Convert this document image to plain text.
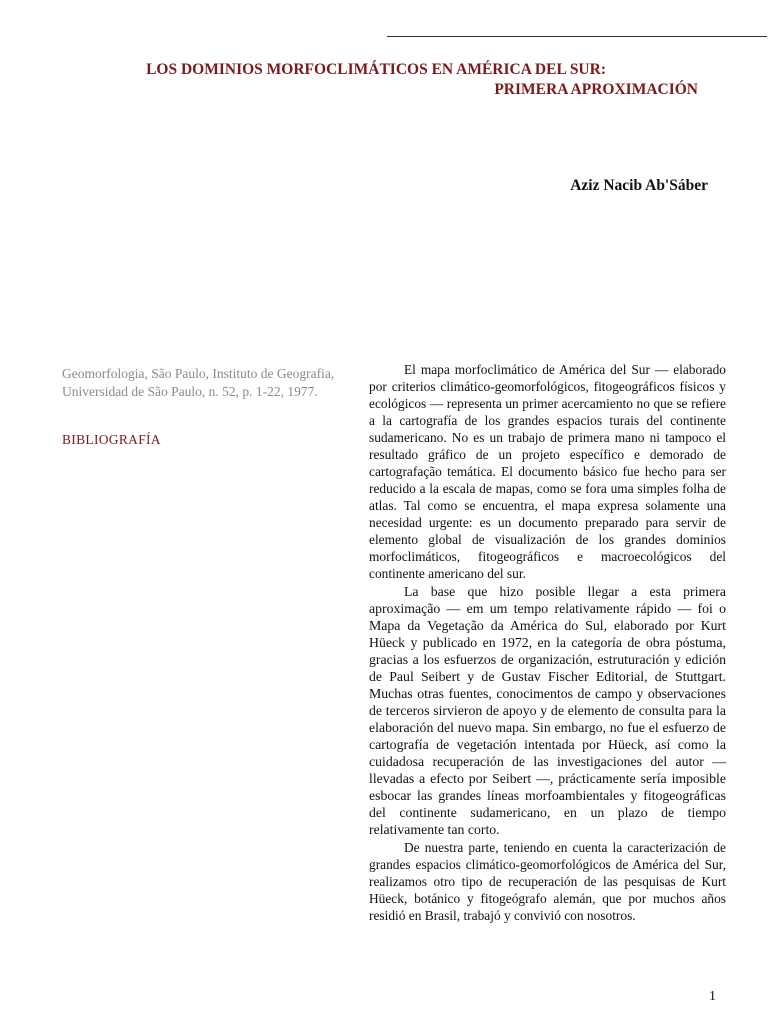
LOS DOMINIOS MORFOCLIMÁTICOS EN AMÉRICA DEL SUR:
PRIMERA APROXIMACIÓN
Aziz Nacib Ab'Sáber
Geomorfologia, São Paulo, Instituto de Geografia, Universidad de São Paulo, n. 52, p. 1-22, 1977.
BIBLIOGRAFÍA

El mapa morfoclimático de América del Sur — elaborado por criterios climático-geomorfológicos, fitogeográficos físicos y ecológicos — representa un primer acercamiento no que se refiere a la cartografía de los grandes espacios turais del continente sudamericano. No es un trabajo de primera mano ni tampoco el resultado gráfico de un projeto específico e demorado de cartografação temática. El documento básico fue hecho para ser reducido a la escala de mapas, como se fora uma simples folha de atlas. Tal como se encuentra, el mapa expresa solamente una necesidad urgente: es un documento preparado para servir de elemento global de visualización de los grandes dominios morfoclimáticos, fitogeográficos e macroecológicos del continente americano del sur.

La base que hizo posible llegar a esta primera aproximação — em um tempo relativamente rápido — foi o Mapa da Vegetação da América do Sul, elaborado por Kurt Hüeck y publicado en 1972, en la categoría de obra póstuma, gracias a los esfuerzos de organización, estruturación y edición de Paul Seibert y de Gustav Fischer Editorial, de Stuttgart. Muchas otras fuentes, conocimentos de campo y observaciones de terceros sirvieron de apoyo y de elemento de consulta para la elaboración del nuevo mapa. Sin embargo, no fue el esfuerzo de cartografía de vegetación intentada por Hüeck, así como la cuidadosa recuperación de las investigaciones del autor — llevadas a efecto por Seibert —, prácticamente sería imposible esbocar las grandes líneas morfoambientales y fitogeográficas del continente sudamericano, en un plazo de tiempo relativamente tan corto.

De nuestra parte, teniendo en cuenta la caracterización de grandes espacios climático-geomorfológicos de América del Sur, realizamos otro tipo de recuperación de las pesquisas de Kurt Hüeck, botánico y fitogeógrafo alemán, que por muchos años residió en Brasil, trabajó y convivió con nosotros.

1
